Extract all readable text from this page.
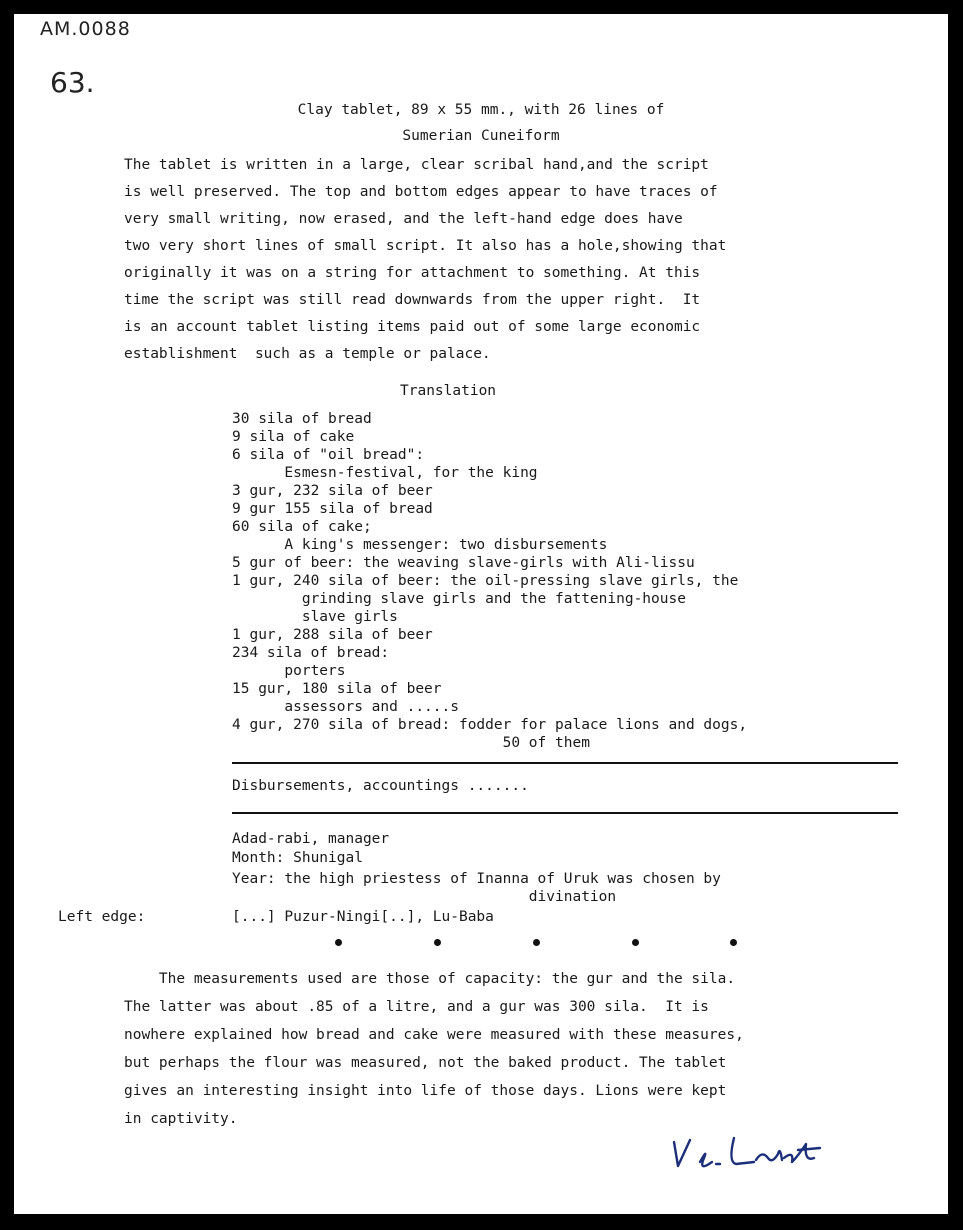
AM.0088
63.
Clay tablet, 89 x 55 mm., with 26 lines of
Sumerian Cuneiform
The tablet is written in a large, clear scribal hand,and the script
is well preserved. The top and bottom edges appear to have traces of
very small writing, now erased, and the left-hand edge does have
two very short lines of small script. It also has a hole,showing that
originally it was on a string for attachment to something. At this
time the script was still read downwards from the upper right.  It
is an account tablet listing items paid out of some large economic
establishment  such as a temple or palace.
Translation
30 sila of bread
9 sila of cake
6 sila of "oil bread":
Esmesn-festival, for the king
3 gur, 232 sila of beer
9 gur 155 sila of bread
60 sila of cake;
A king's messenger: two disbursements
5 gur of beer: the weaving slave-girls with Ali-lissu
1 gur, 240 sila of beer: the oil-pressing slave girls, the
grinding slave girls and the fattening-house
slave girls
1 gur, 288 sila of beer
234 sila of bread:
porters
15 gur, 180 sila of beer
assessors and .....s
4 gur, 270 sila of bread: fodder for palace lions and dogs,
50 of them
Disbursements, accountings .......
Adad-rabi, manager
Month: Shunigal
Year: the high priestess of Inanna of Uruk was chosen by
divination
Left edge:	[...] Puzur-Ningi[..], Lu-Baba
The measurements used are those of capacity: the gur and the sila.
The latter was about .85 of a litre, and a gur was 300 sila.  It is
nowhere explained how bread and cake were measured with these measures,
but perhaps the flour was measured, not the baked product. The tablet
gives an interesting insight into life of those days. Lions were kept
in captivity.
